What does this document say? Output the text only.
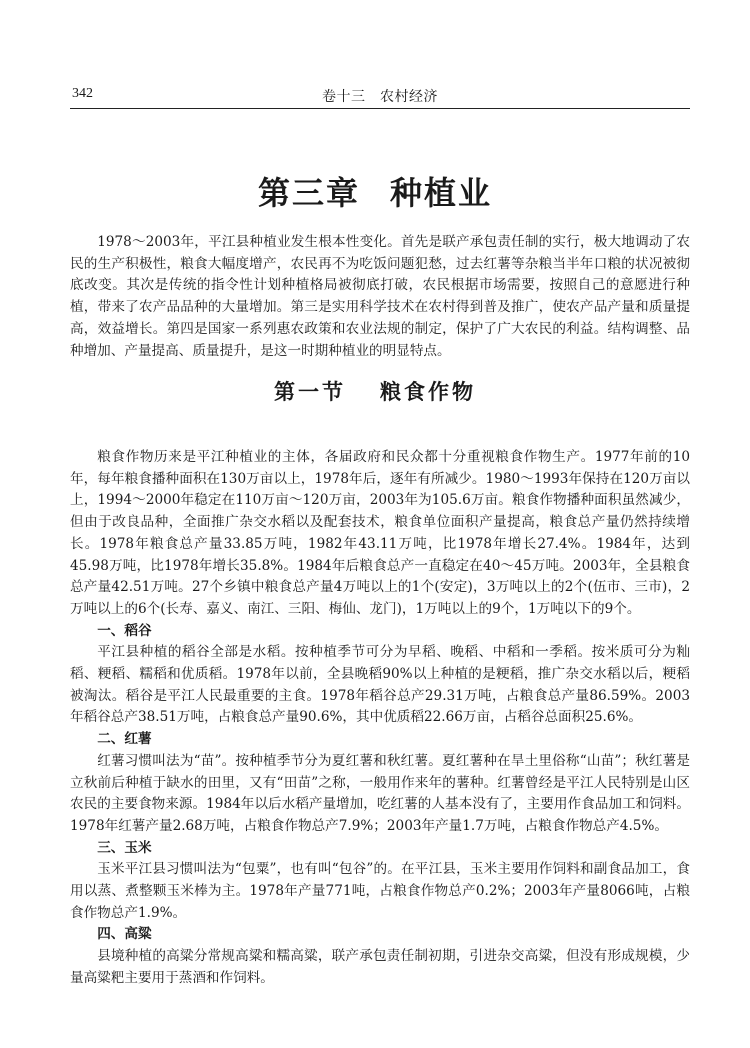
342	卷十三　农村经济
第三章 种植业

1978～2003年，平江县种植业发生根本性变化。首先是联产承包责任制的实行，极大地调动了农民的生产积极性，粮食大幅度增产，农民再不为吃饭问题犯愁，过去红薯等杂粮当半年口粮的状况被彻底改变。其次是传统的指令性计划种植格局被彻底打破，农民根据市场需要，按照自己的意愿进行种植，带来了农产品品种的大量增加。第三是实用科学技术在农村得到普及推广，使农产品产量和质量提高，效益增长。第四是国家一系列惠农政策和农业法规的制定，保护了广大农民的利益。结构调整、品种增加、产量提高、质量提升，是这一时期种植业的明显特点。

第一节 粮食作物

粮食作物历来是平江种植业的主体，各届政府和民众都十分重视粮食作物生产。1977年前的10年，每年粮食播种面积在130万亩以上，1978年后，逐年有所减少。1980～1993年保持在120万亩以上，1994～2000年稳定在110万亩～120万亩，2003年为105.6万亩。粮食作物播种面积虽然减少，但由于改良品种，全面推广杂交水稻以及配套技术，粮食单位面积产量提高，粮食总产量仍然持续增长。1978年粮食总产量33.85万吨，1982年43.11万吨，比1978年增长27.4%。1984年，达到45.98万吨，比1978年增长35.8%。1984年后粮食总产一直稳定在40～45万吨。2003年，全县粮食总产量42.51万吨。27个乡镇中粮食总产量4万吨以上的1个(安定)，3万吨以上的2个(伍市、三市)，2万吨以上的6个(长寿、嘉义、南江、三阳、梅仙、龙门)，1万吨以上的9个，1万吨以下的9个。

一、稻谷

平江县种植的稻谷全部是水稻。按种植季节可分为早稻、晚稻、中稻和一季稻。按米质可分为籼稻、粳稻、糯稻和优质稻。1978年以前，全县晚稻90%以上种植的是粳稻，推广杂交水稻以后，粳稻被淘汰。稻谷是平江人民最重要的主食。1978年稻谷总产29.31万吨，占粮食总产量86.59%。2003年稻谷总产38.51万吨，占粮食总产量90.6%，其中优质稻22.66万亩，占稻谷总面积25.6%。

二、红薯

红薯习惯叫法为“苗”。按种植季节分为夏红薯和秋红薯。夏红薯种在旱土里俗称“山苗”；秋红薯是立秋前后种植于缺水的田里，又有“田苗”之称，一般用作来年的薯种。红薯曾经是平江人民特别是山区农民的主要食物来源。1984年以后水稻产量增加，吃红薯的人基本没有了，主要用作食品加工和饲料。1978年红薯产量2.68万吨，占粮食作物总产7.9%；2003年产量1.7万吨，占粮食作物总产4.5%。

三、玉米

玉米平江县习惯叫法为“包粟”，也有叫“包谷”的。在平江县，玉米主要用作饲料和副食品加工，食用以蒸、煮整颗玉米棒为主。1978年产量771吨，占粮食作物总产0.2%；2003年产量8066吨，占粮食作物总产1.9%。

四、高粱

县境种植的高粱分常规高粱和糯高粱，联产承包责任制初期，引进杂交高粱，但没有形成规模，少量高粱粑主要用于蒸酒和作饲料。
